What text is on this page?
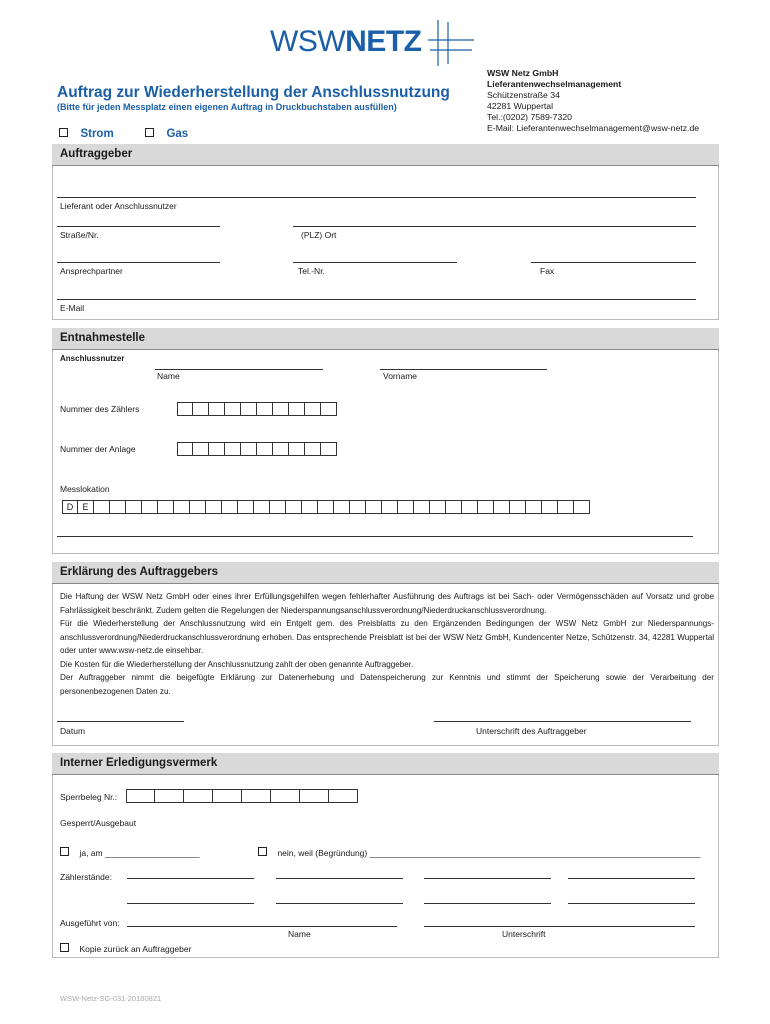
WSWNETZ
Auftrag zur Wiederherstellung der Anschlussnutzung
(Bitte für jeden Messplatz einen eigenen Auftrag in Druckbuchstaben ausfüllen)
Strom	Gas
WSW Netz GmbH
Lieferantenwechselmanagement
Schützenstraße 34
42281 Wuppertal
Tel.:(0202) 7589-7320
E-Mail: Lieferantenwechselmanagement@wsw-netz.de
Auftraggeber
Lieferant oder Anschlussnutzer
Straße/Nr.	(PLZ) Ort
Ansprechpartner	Tel.-Nr.	Fax
E-Mail
Entnahmestelle
Anschlussnutzer
Name	Vorname
Nummer des Zählers
Nummer der Anlage
Messlokation
D	E
Erklärung des Auftraggebers

Die Haftung der WSW Netz GmbH oder eines ihrer Erfüllungsgehilfen wegen fehlerhafter Ausführung des Auftrags ist bei Sach- oder Vermögensschäden auf Vorsatz und grobe Fahrlässigkeit beschränkt. Zudem gelten die Regelungen der Niederspannungsanschlussverordnung/Niederdruckanschlussverordnung.

Für die Wiederherstellung der Anschlussnutzung wird ein Entgelt gem. des Preisblatts zu den Ergänzenden Bedingungen der WSW Netz GmbH zur Niederspannungs-anschlussverordnung/Niederdruckanschlussverordnung erhoben. Das entsprechende Preisblatt ist bei der WSW Netz GmbH, Kundencenter Netze, Schützenstr. 34, 42281 Wuppertal oder unter www.wsw-netz.de einsehbar.

Die Kosten für die Wiederherstellung der Anschlussnutzung zahlt der oben genannte Auftraggeber.

Der Auftraggeber nimmt die beigefügte Erklärung zur Datenerhebung und Datenspeicherung zur Kenntnis und stimmt der Speicherung sowie der Verarbeitung der personenbezogenen Daten zu.

Datum	Unterschrift des Auftraggeber
Interner Erledigungsvermerk
Sperrbeleg Nr.:
Gesperrt/Ausgebaut
ja, am ____________________	nein, weil (Begründung) ______________________________________________________________________
Zählerstände:
Ausgeführt von:
Name	Unterschrift
Kopie zurück an Auftraggeber
WSW-Netz-SG-031-20180821
